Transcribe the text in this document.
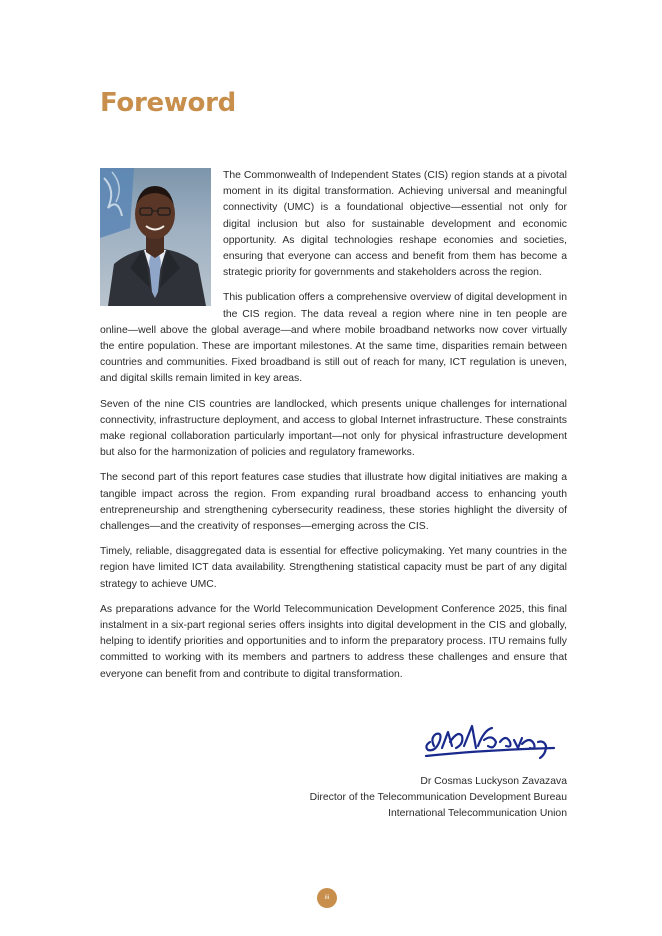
Foreword

The Commonwealth of Independent States (CIS) region stands at a pivotal moment in its digital transformation. Achieving universal and meaningful connectivity (UMC) is a foundational objective—essential not only for digital inclusion but also for sustainable development and economic opportunity. As digital technologies reshape economies and societies, ensuring that everyone can access and benefit from them has become a strategic priority for governments and stakeholders across the region.

This publication offers a comprehensive overview of digital development in the CIS region. The data reveal a region where nine in ten people are online—well above the global average—and where mobile broadband networks now cover virtually the entire population. These are important milestones. At the same time, disparities remain between countries and communities. Fixed broadband is still out of reach for many, ICT regulation is uneven, and digital skills remain limited in key areas.

Seven of the nine CIS countries are landlocked, which presents unique challenges for international connectivity, infrastructure deployment, and access to global Internet infrastructure. These constraints make regional collaboration particularly important—not only for physical infrastructure development but also for the harmonization of policies and regulatory frameworks.

The second part of this report features case studies that illustrate how digital initiatives are making a tangible impact across the region. From expanding rural broadband access to enhancing youth entrepreneurship and strengthening cybersecurity readiness, these stories highlight the diversity of challenges—and the creativity of responses—emerging across the CIS.

Timely, reliable, disaggregated data is essential for effective policymaking. Yet many countries in the region have limited ICT data availability. Strengthening statistical capacity must be part of any digital strategy to achieve UMC.

As preparations advance for the World Telecommunication Development Conference 2025, this final instalment in a six-part regional series offers insights into digital development in the CIS and globally, helping to identify priorities and opportunities and to inform the preparatory process. ITU remains fully committed to working with its members and partners to address these challenges and ensure that everyone can benefit from and contribute to digital transformation.

Dr Cosmas Luckyson Zavazava
Director of the Telecommunication Development Bureau
International Telecommunication Union
iii
